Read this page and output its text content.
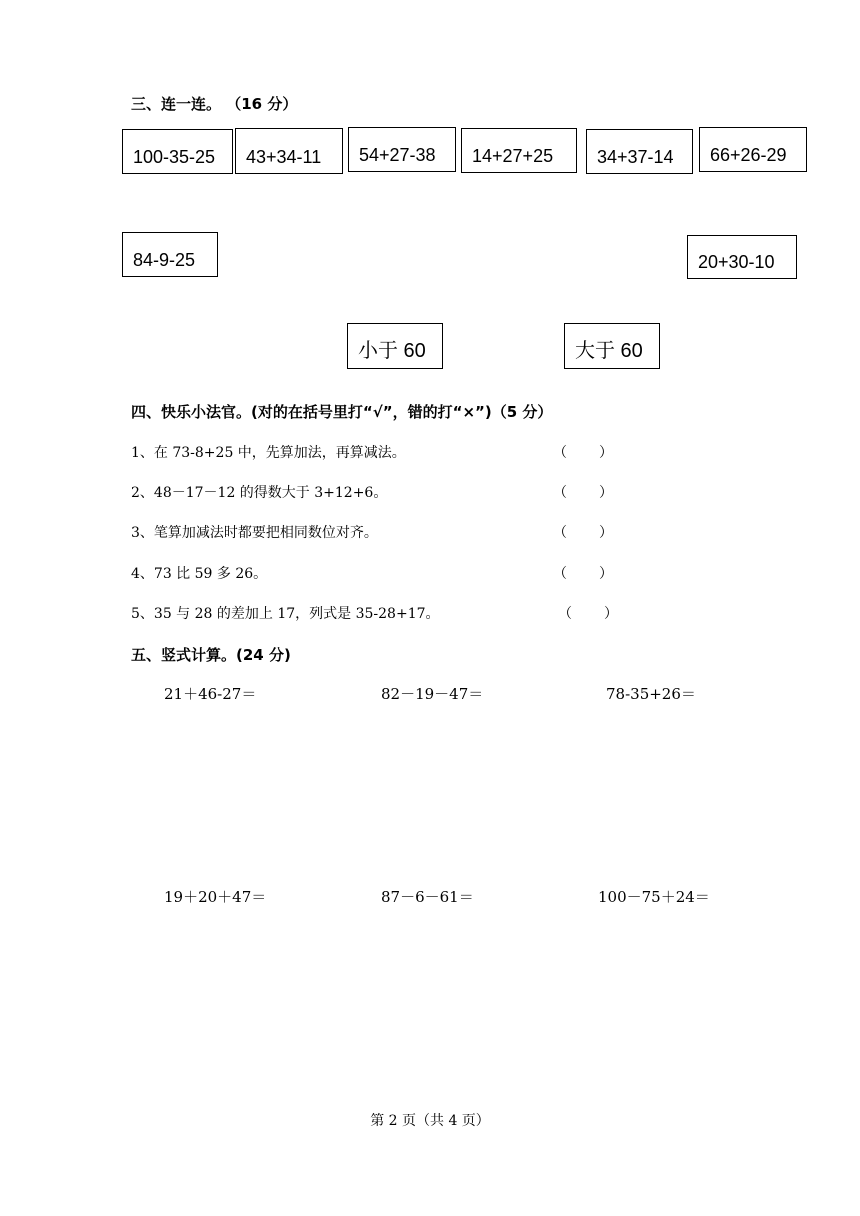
三、连一连。 （16 分）
100-35-25	43+34-11	54+27-38	14+27+25	34+37-14	66+26-29
84-9-25	20+30-10
小于 60	大于 60
四、快乐小法官。(对的在括号里打“√”，错的打“×”)（5 分）
1、在 73-8+25 中，先算加法，再算减法。	（ ）
2、48－17－12 的得数大于 3+12+6。	（ ）
3、笔算加减法时都要把相同数位对齐。	（ ）
4、73 比 59 多 26。	（ ）
5、35 与 28 的差加上 17，列式是 35-28+17。	（ ）
五、竖式计算。(24 分)
21＋46-27＝	82－19－47＝	78-35+26＝
19＋20＋47＝	87－6－61＝	100－75＋24＝
第 2 页（共 4 页）
